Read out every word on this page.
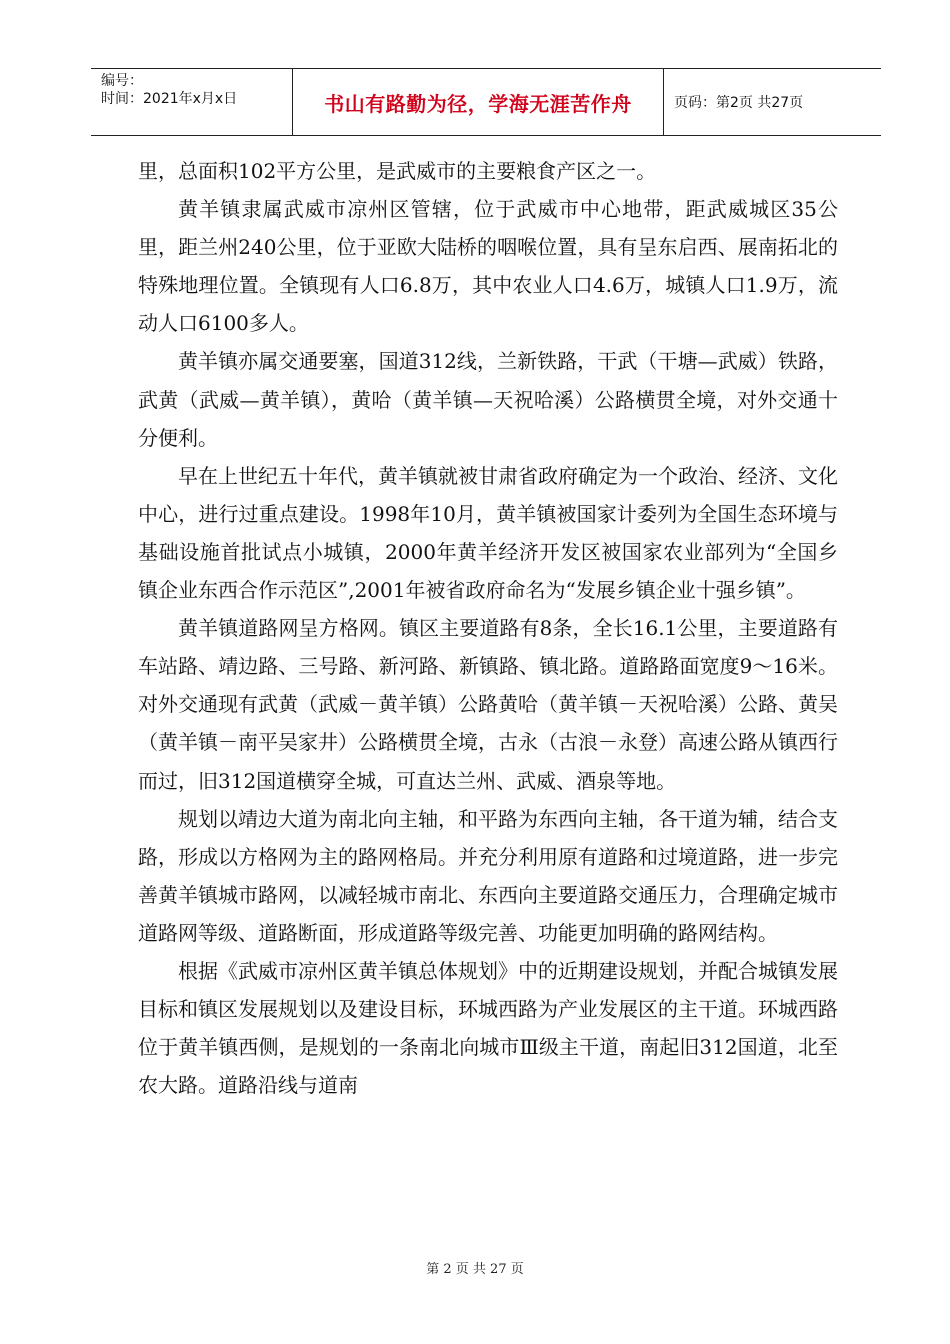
编号：
时间：2021年x月x日	书山有路勤为径，学海无涯苦作舟	页码：第2页 共27页

里，总面积102平方公里，是武威市的主要粮食产区之一。

黄羊镇隶属武威市凉州区管辖，位于武威市中心地带，距武威城区35公里，距兰州240公里，位于亚欧大陆桥的咽喉位置，具有呈东启西、展南拓北的特殊地理位置。全镇现有人口6.8万，其中农业人口4.6万，城镇人口1.9万，流动人口6100多人。

黄羊镇亦属交通要塞，国道312线，兰新铁路，干武（干塘—武威）铁路，武黄（武威—黄羊镇），黄哈（黄羊镇—天祝哈溪）公路横贯全境，对外交通十分便利。

早在上世纪五十年代，黄羊镇就被甘肃省政府确定为一个政治、经济、文化中心，进行过重点建设。1998年10月，黄羊镇被国家计委列为全国生态环境与基础设施首批试点小城镇，2000年黄羊经济开发区被国家农业部列为“全国乡镇企业东西合作示范区”,2001年被省政府命名为“发展乡镇企业十强乡镇”。

黄羊镇道路网呈方格网。镇区主要道路有8条，全长16.1公里，主要道路有车站路、靖边路、三号路、新河路、新镇路、镇北路。道路路面宽度9～16米。对外交通现有武黄（武威－黄羊镇）公路黄哈（黄羊镇－天祝哈溪）公路、黄吴（黄羊镇－南平吴家井）公路横贯全境，古永（古浪－永登）高速公路从镇西行而过，旧312国道横穿全城，可直达兰州、武威、酒泉等地。

规划以靖边大道为南北向主轴，和平路为东西向主轴，各干道为辅，结合支路，形成以方格网为主的路网格局。并充分利用原有道路和过境道路，进一步完善黄羊镇城市路网，以减轻城市南北、东西向主要道路交通压力，合理确定城市道路网等级、道路断面，形成道路等级完善、功能更加明确的路网结构。

根据《武威市凉州区黄羊镇总体规划》中的近期建设规划，并配合城镇发展目标和镇区发展规划以及建设目标，环城西路为产业发展区的主干道。环城西路位于黄羊镇西侧，是规划的一条南北向城市Ⅲ级主干道，南起旧312国道，北至农大路。道路沿线与道南

第 2 页 共 27 页
